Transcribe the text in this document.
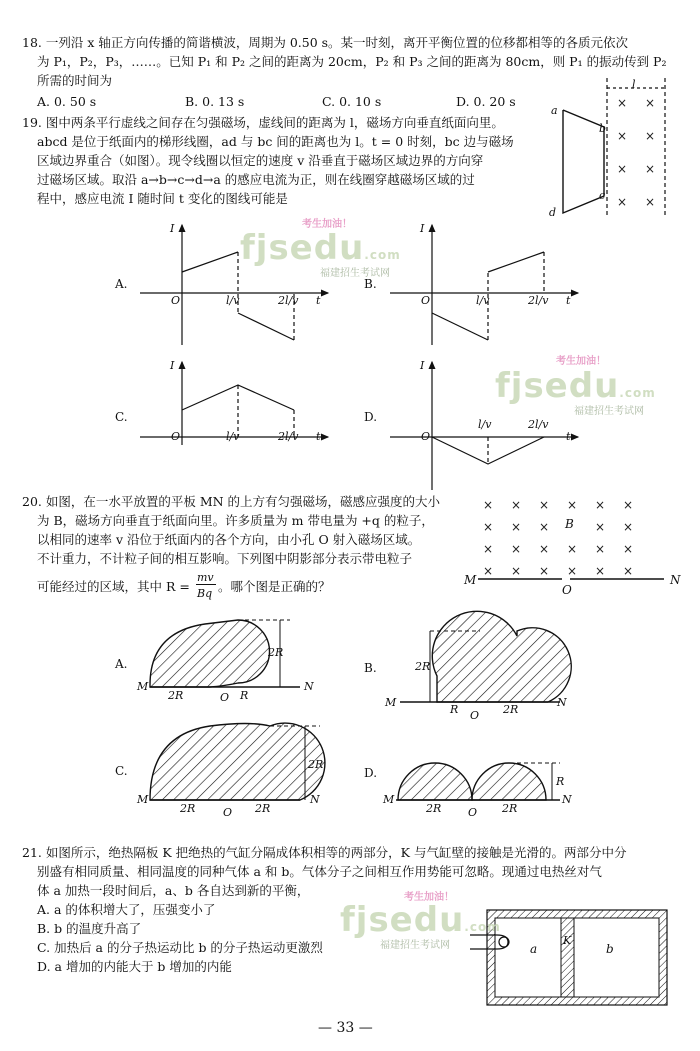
18. 一列沿 x 轴正方向传播的简谐横波，周期为 0.50 s。某一时刻，离开平衡位置的位移都相等的各质元依次
为 P₁，P₂，P₃，……。已知 P₁ 和 P₂ 之间的距离为 20cm，P₂ 和 P₃ 之间的距离为 80cm，则 P₁ 的振动传到 P₂
所需的时间为
A. 0. 50 s	B. 0. 13 s	C. 0. 10 s	D. 0. 20 s
19. 图中两条平行虚线之间存在匀强磁场，虚线间的距离为 l，磁场方向垂直纸面向里。
abcd 是位于纸面内的梯形线圈，ad 与 bc 间的距离也为 l。t = 0 时刻，bc 边与磁场
区域边界重合（如图）。现令线圈以恒定的速度 v 沿垂直于磁场区域边界的方向穿
过磁场区域。取沿 a→b→c→d→a 的感应电流为正，则在线圈穿越磁场区域的过
程中，感应电流 I 随时间 t 变化的图线可能是
× ×
× ×
× ×
× ×
a
b
c
d
l
A.	B.
C.	D.
I
O	l/v	2l/v t
I
O	l/v	2l/v t
I
O	l/v	2l/v t
I
O
l/v	2l/v
t
考生加油！
fjsedu.com
福建招生考试网
考生加油！
fjsedu.com
福建招生考试网
20. 如图，在一水平放置的平板 MN 的上方有匀强磁场，磁感应强度的大小
为 B，磁场方向垂直于纸面向里。许多质量为 m 带电量为 +q 的粒子，
以相同的速率 v 沿位于纸面内的各个方向，由小孔 O 射入磁场区域。
不计重力，不计粒子间的相互影响。下列图中阴影部分表示带电粒子
可能经过的区域，其中 R =
mv
Bq 。哪个图是正确的？
× × × × × ×
× × ×	× ×
× × × × × ×
× × × × × ×
M	N
O
B
A.	B.
C.	D.
M	N
O
2R	R
2R
M	N
O
R	2R
2R
M	N
O
2R	2R
2R
M	N
O
2R	2R
R
21. 如图所示，绝热隔板 K 把绝热的气缸分隔成体积相等的两部分，K 与气缸壁的接触是光滑的。两部分中分
别盛有相同质量、相同温度的同种气体 a 和 b。气体分子之间相互作用势能可忽略。现通过电热丝对气
体 a 加热一段时间后，a、b 各自达到新的平衡，
A. a 的体积增大了，压强变小了
B. b 的温度升高了
C. 加热后 a 的分子热运动比 b 的分子热运动更激烈
D. a 增加的内能大于 b 增加的内能
a
K
b
考生加油！
fjsedu.com
福建招生考试网
— 33 —
